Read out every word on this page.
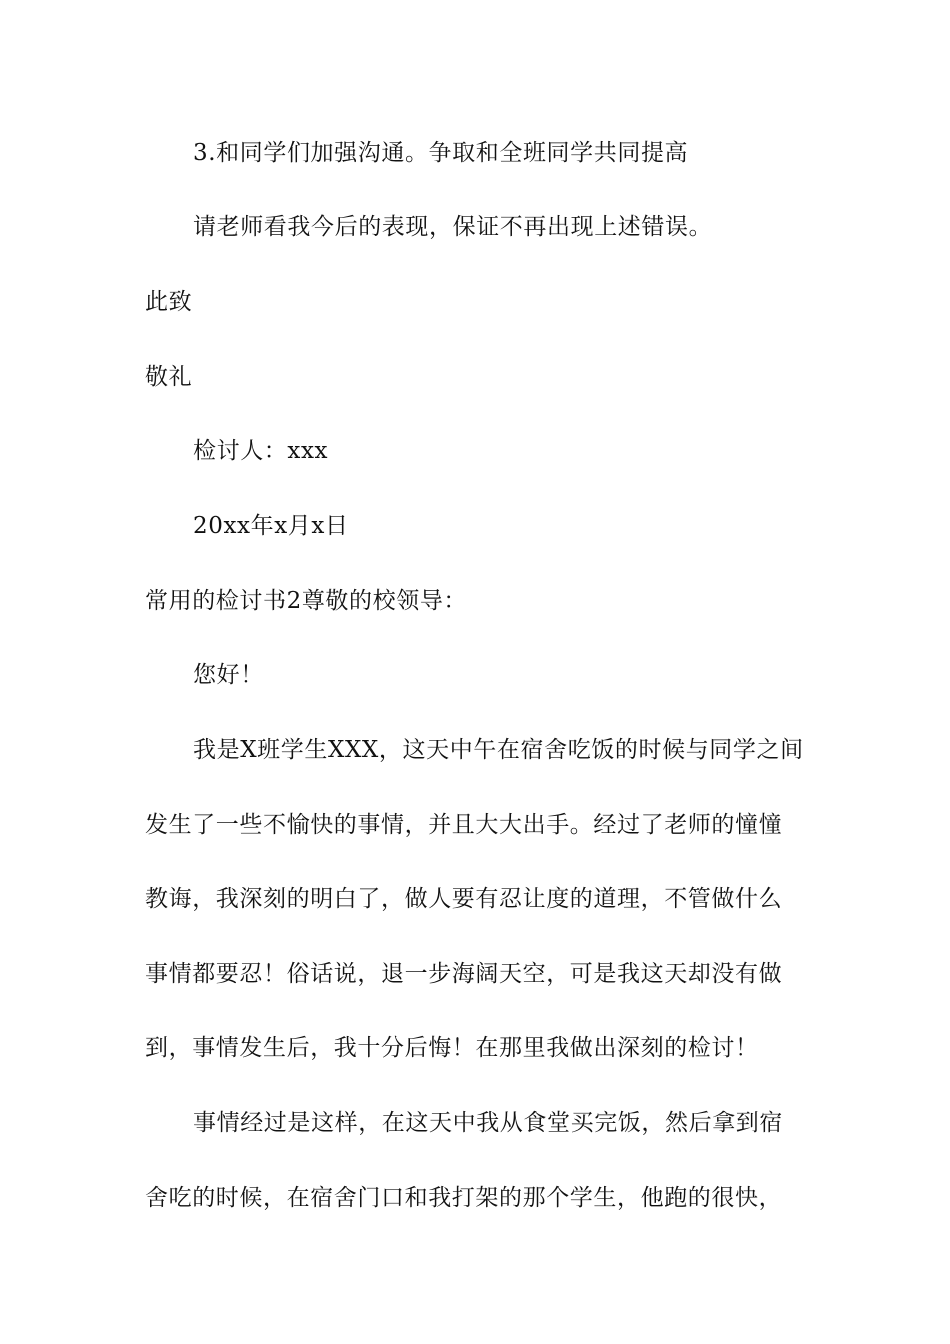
3.和同学们加强沟通。争取和全班同学共同提高
请老师看我今后的表现，保证不再出现上述错误。
此致
敬礼
检讨人：xxx
20xx年x月x日
常用的检讨书2尊敬的校领导：
您好！
我是X班学生XXX，这天中午在宿舍吃饭的时候与同学之间
发生了一些不愉快的事情，并且大大出手。经过了老师的憧憧
教诲，我深刻的明白了，做人要有忍让度的道理，不管做什么
事情都要忍！俗话说，退一步海阔天空，可是我这天却没有做
到，事情发生后，我十分后悔！在那里我做出深刻的检讨！
事情经过是这样，在这天中我从食堂买完饭，然后拿到宿
舍吃的时候，在宿舍门口和我打架的那个学生，他跑的很快，
